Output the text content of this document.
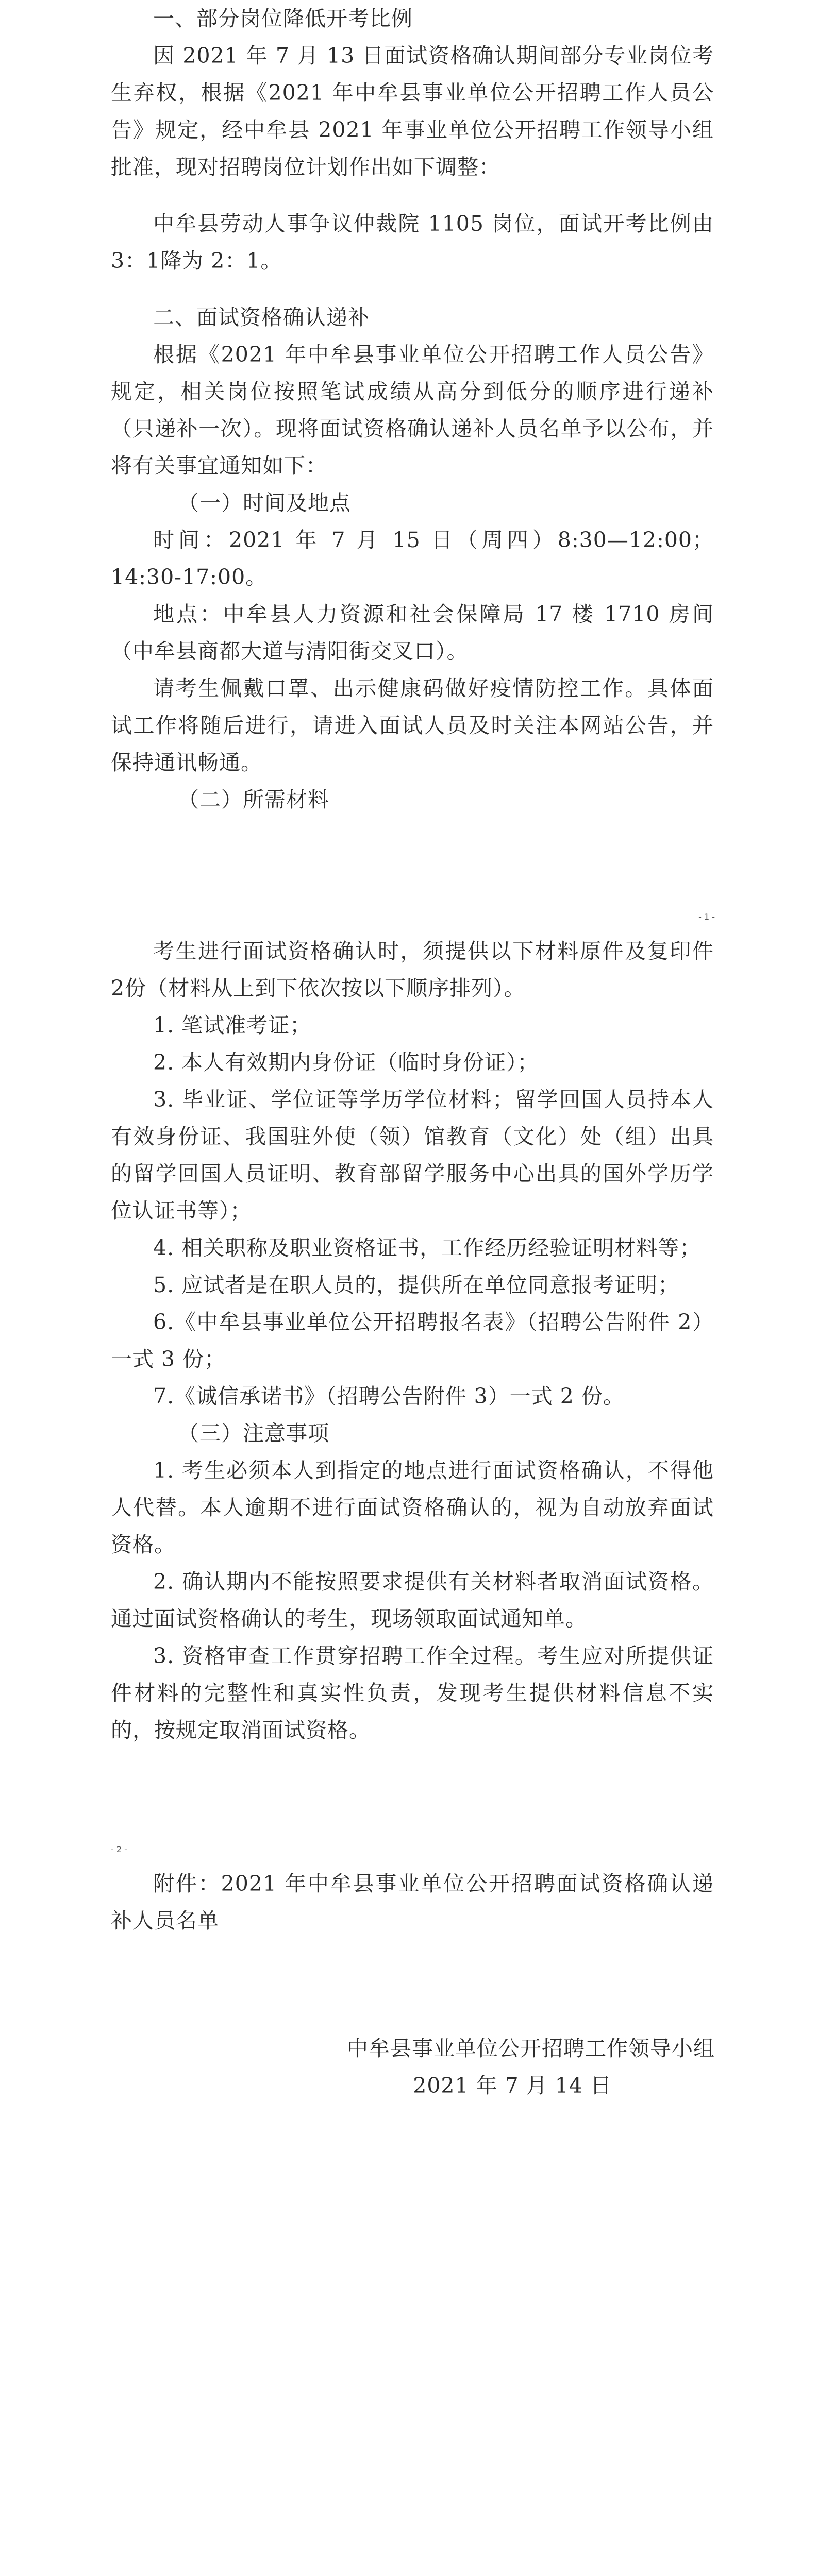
一、部分岗位降低开考比例

因 2021 年 7 月 13 日面试资格确认期间部分专业岗位考生弃权，根据《2021 年中牟县事业单位公开招聘工作人员公告》规定，经中牟县 2021 年事业单位公开招聘工作领导小组批准，现对招聘岗位计划作出如下调整：

中牟县劳动人事争议仲裁院 1105 岗位，面试开考比例由3：1降为 2：1。

二、面试资格确认递补

根据《2021 年中牟县事业单位公开招聘工作人员公告》规定，相关岗位按照笔试成绩从高分到低分的顺序进行递补（只递补一次）。现将面试资格确认递补人员名单予以公布，并将有关事宜通知如下：

（一）时间及地点

时间：2021 年 7 月 15 日（周四）8:30—12:00；14:30-17:00。

地点：中牟县人力资源和社会保障局 17 楼 1710 房间（中牟县商都大道与清阳街交叉口）。

请考生佩戴口罩、出示健康码做好疫情防控工作。具体面试工作将随后进行，请进入面试人员及时关注本网站公告，并保持通讯畅通。

（二）所需材料

- 1 -

考生进行面试资格确认时，须提供以下材料原件及复印件 2份（材料从上到下依次按以下顺序排列）。

1. 笔试准考证；

2. 本人有效期内身份证（临时身份证）；

3. 毕业证、学位证等学历学位材料；留学回国人员持本人有效身份证、我国驻外使（领）馆教育（文化）处（组）出具的留学回国人员证明、教育部留学服务中心出具的国外学历学位认证书等）；

4. 相关职称及职业资格证书，工作经历经验证明材料等；

5. 应试者是在职人员的，提供所在单位同意报考证明；

6.《中牟县事业单位公开招聘报名表》（招聘公告附件 2）一式 3 份；

7.《诚信承诺书》（招聘公告附件 3）一式 2 份。

（三）注意事项

1. 考生必须本人到指定的地点进行面试资格确认，不得他人代替。本人逾期不进行面试资格确认的，视为自动放弃面试资格。

2. 确认期内不能按照要求提供有关材料者取消面试资格。通过面试资格确认的考生，现场领取面试通知单。

3. 资格审查工作贯穿招聘工作全过程。考生应对所提供证件材料的完整性和真实性负责，发现考生提供材料信息不实的，按规定取消面试资格。

- 2 -

附件：2021 年中牟县事业单位公开招聘面试资格确认递补人员名单

中牟县事业单位公开招聘工作领导小组
2021 年 7 月 14 日
